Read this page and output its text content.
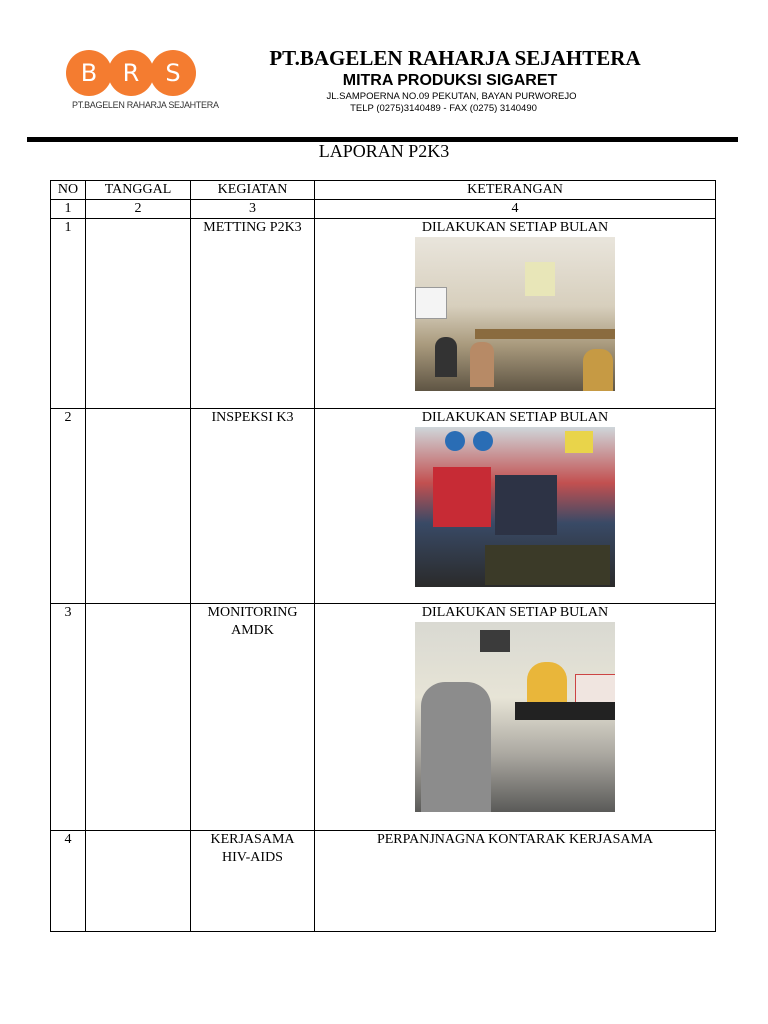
B	R	S
PT.BAGELEN RAHARJA SEJAHTERA
PT.BAGELEN RAHARJA SEJAHTERA
MITRA PRODUKSI SIGARET
JL.SAMPOERNA NO.09 PEKUTAN, BAYAN PURWOREJO
TELP (0275)3140489 - FAX (0275) 3140490
LAPORAN P2K3
NO	TANGGAL	KEGIATAN	KETERANGAN
1	2	3	4
1		METTING P2K3	DILAKUKAN SETIAP BULAN

2		INSPEKSI K3	DILAKUKAN SETIAP BULAN

3		MONITORING AMDK	DILAKUKAN SETIAP BULAN

4		KERJASAMA HIV-AIDS	PERPANJNAGNA KONTARAK KERJASAMA
